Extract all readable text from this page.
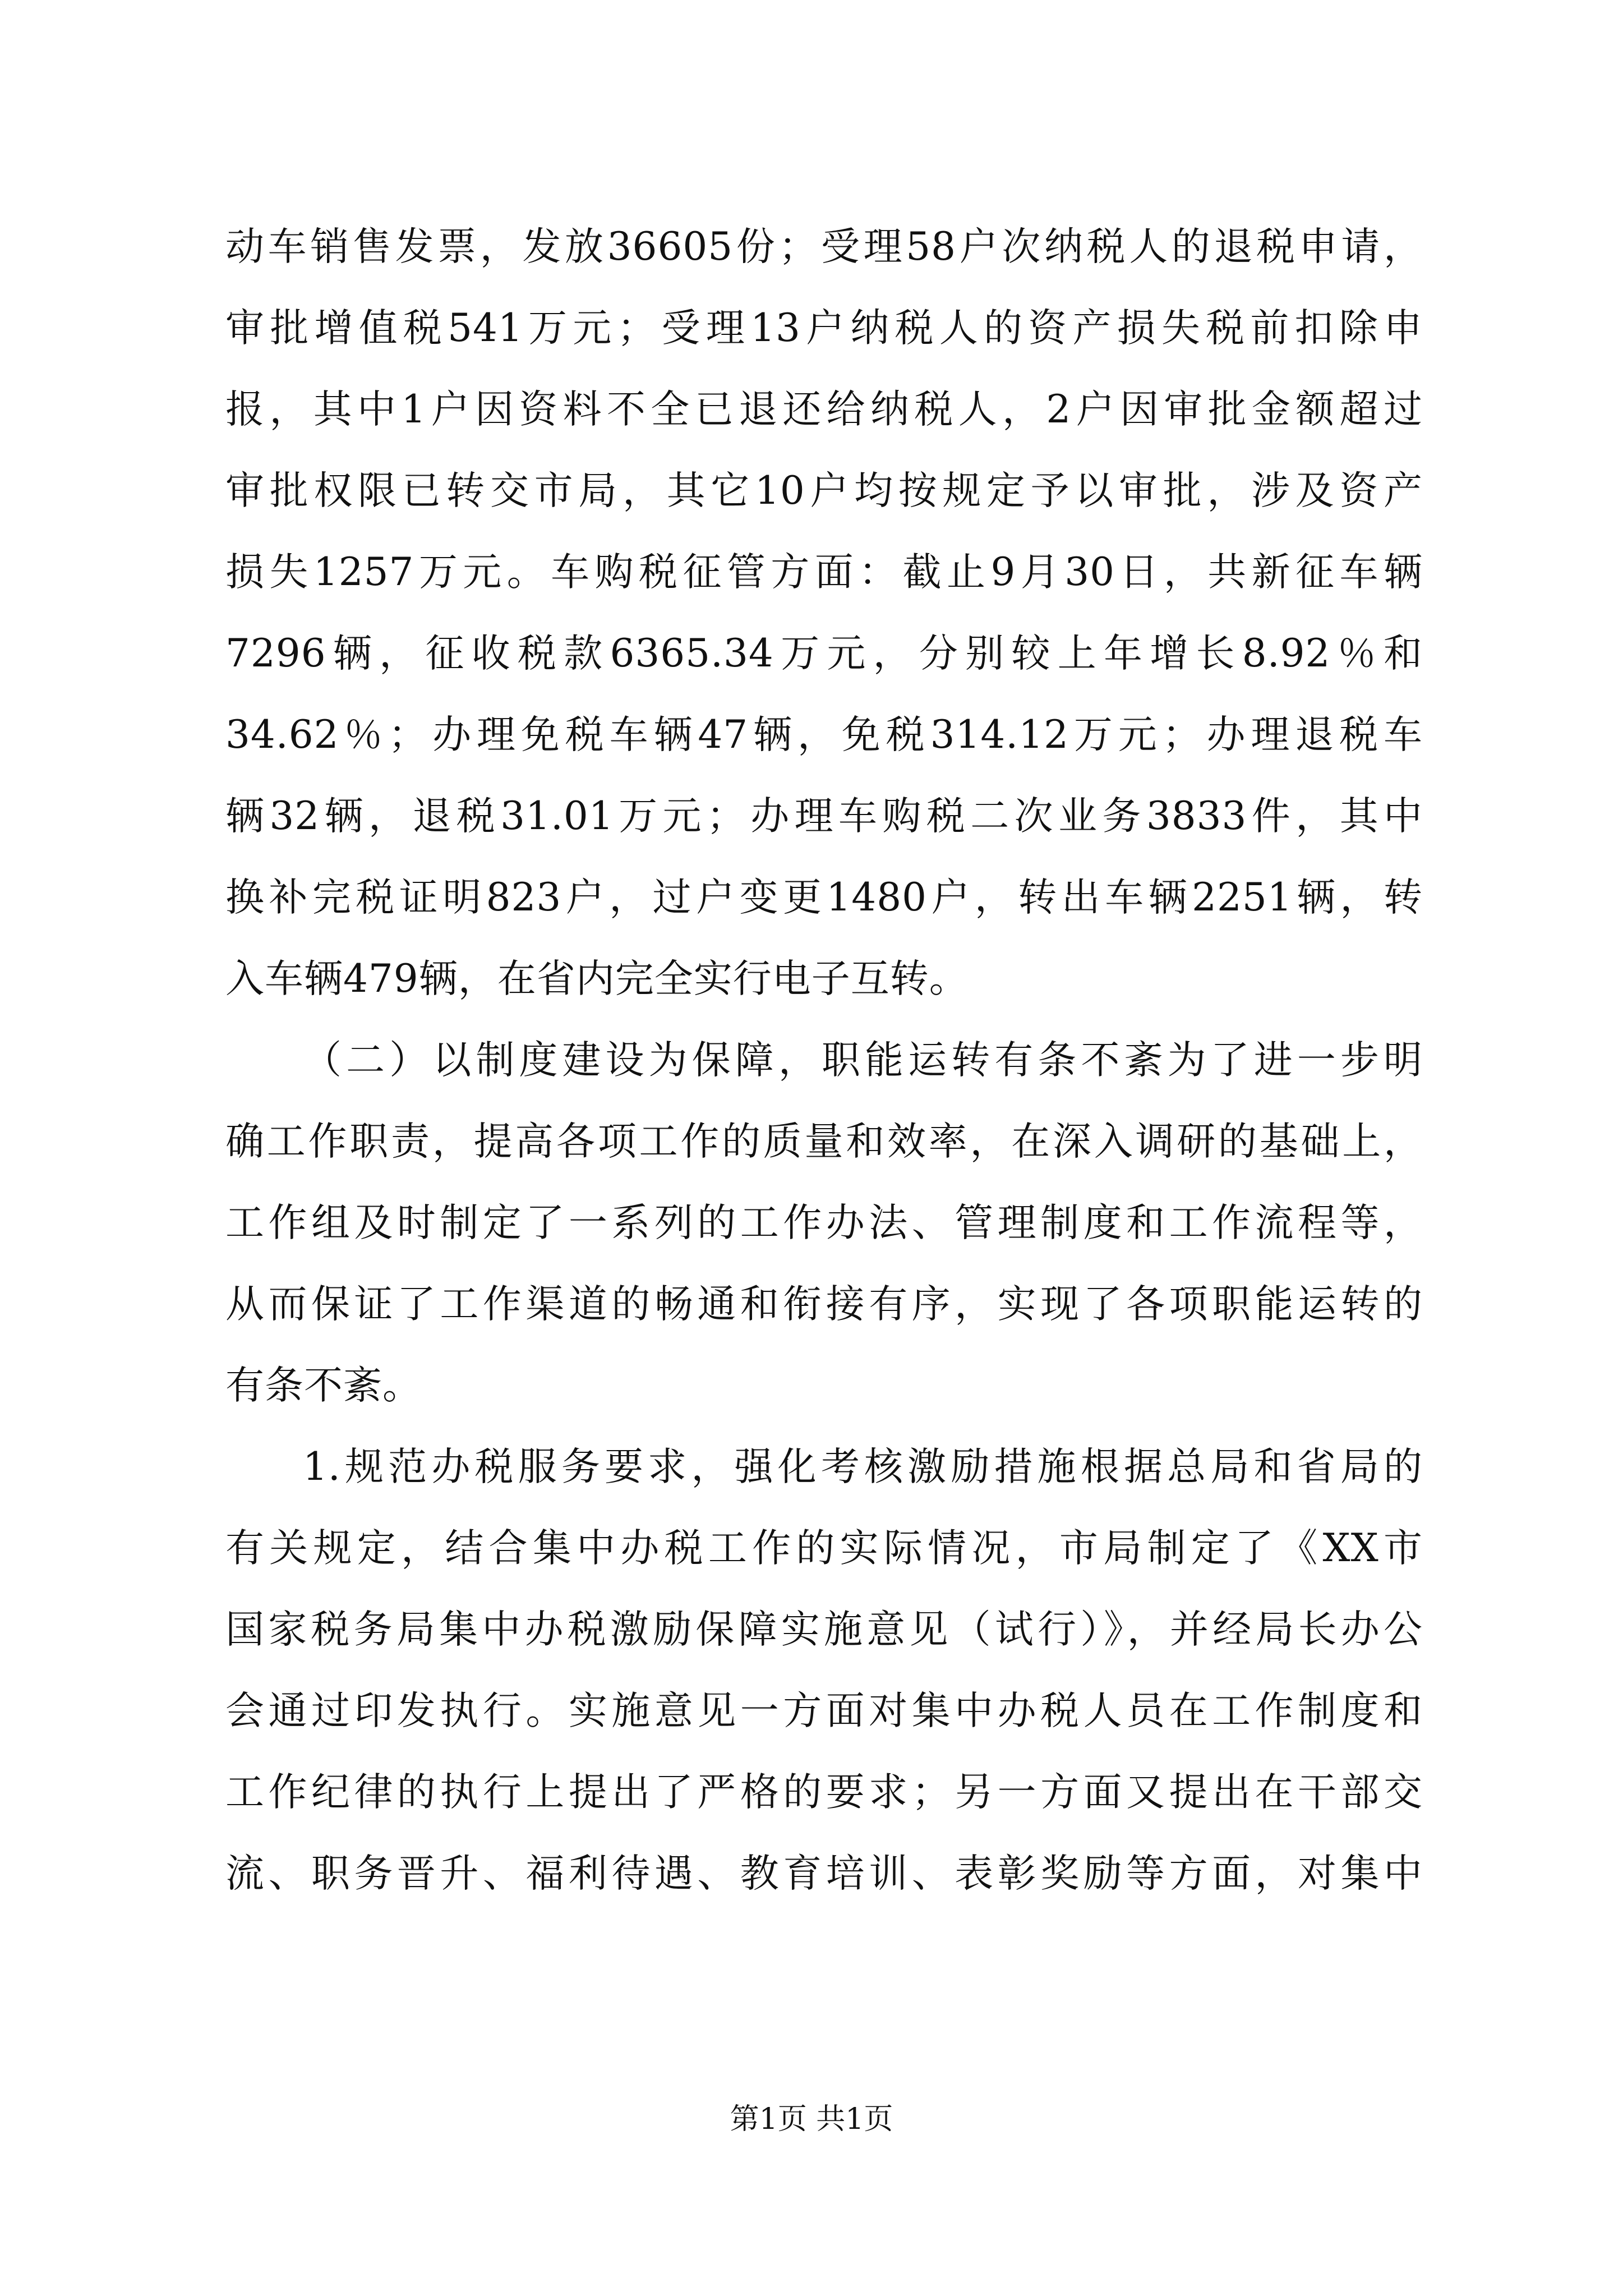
动车销售发票，发放36605份；受理58户次纳税人的退税申请，
审批增值税541万元；受理13户纳税人的资产损失税前扣除申
报，其中1户因资料不全已退还给纳税人，2户因审批金额超过
审批权限已转交市局，其它10户均按规定予以审批，涉及资产
损失1257万元。车购税征管方面：截止9月30日，共新征车辆
7296辆，征收税款6365.34万元，分别较上年增长8.92％和
34.62％；办理免税车辆47辆，免税314.12万元；办理退税车
辆32辆，退税31.01万元；办理车购税二次业务3833件，其中
换补完税证明823户，过户变更1480户，转出车辆2251辆，转
入车辆479辆，在省内完全实行电子互转。
（二）以制度建设为保障，职能运转有条不紊为了进一步明
确工作职责，提高各项工作的质量和效率，在深入调研的基础上，
工作组及时制定了一系列的工作办法、管理制度和工作流程等，
从而保证了工作渠道的畅通和衔接有序，实现了各项职能运转的
有条不紊。
1.规范办税服务要求，强化考核激励措施根据总局和省局的
有关规定，结合集中办税工作的实际情况，市局制定了《XX市
国家税务局集中办税激励保障实施意见（试行）》，并经局长办公
会通过印发执行。实施意见一方面对集中办税人员在工作制度和
工作纪律的执行上提出了严格的要求；另一方面又提出在干部交
流、职务晋升、福利待遇、教育培训、表彰奖励等方面，对集中
第1页 共1页
